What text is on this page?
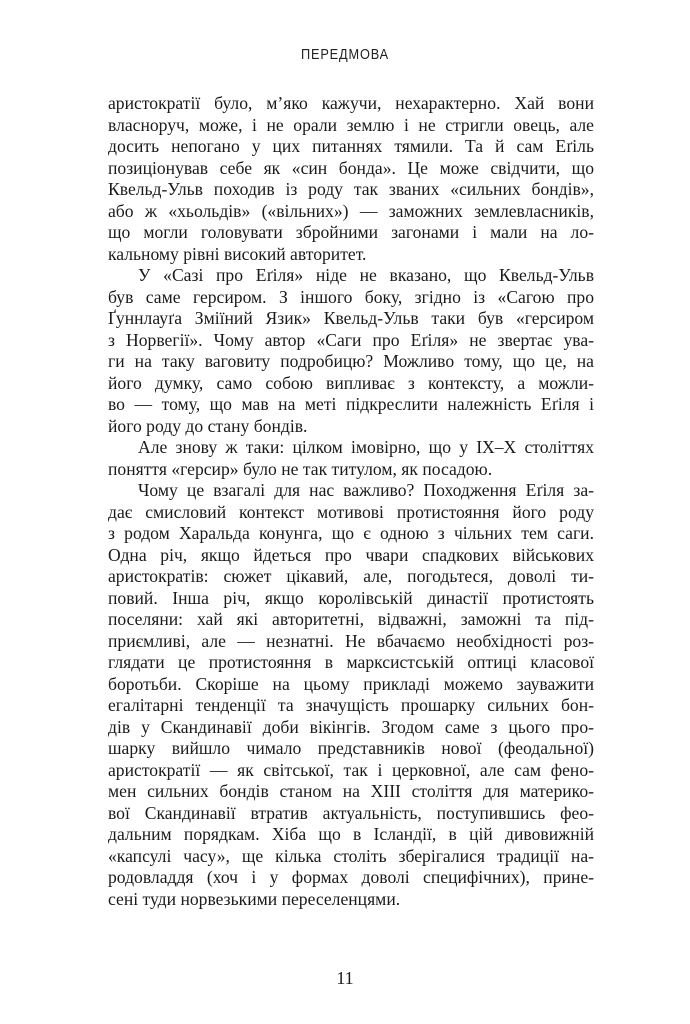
ПЕРЕДМОВА
аристократії було, м’яко кажучи, нехарактерно. Хай вони
власноруч, може, і не орали землю і не стригли овець, але
досить непогано у цих питаннях тямили. Та й сам Еґіль
позиціонував себе як «син бонда». Це може свідчити, що
Квельд-Ульв походив із роду так званих «сильних бондів»,
або ж «хьольдів» («вільних») — заможних землевласників,
що могли головувати збройними загонами і мали на ло-
кальному рівні високий авторитет.
У «Сазі про Еґіля» ніде не вказано, що Квельд-Ульв
був саме герсиром. З іншого боку, згідно із «Сагою про
Ґуннлауґа Зміїний Язик» Квельд-Ульв таки був «герсиром
з Норвегії». Чому автор «Саги про Еґіля» не звертає ува-
ги на таку ваговиту подробицю? Можливо тому, що це, на
його думку, само собою випливає з контексту, а можли-
во — тому, що мав на меті підкреслити належність Еґіля і
його роду до стану бондів.
Але знову ж таки: цілком імовірно, що у IX–X століттях
поняття «герсир» було не так титулом, як посадою.
Чому це взагалі для нас важливо? Походження Еґіля за-
дає смисловий контекст мотивові протистояння його роду
з родом Харальда конунга, що є одною з чільних тем саги.
Одна річ, якщо йдеться про чвари спадкових військових
аристократів: сюжет цікавий, але, погодьтеся, доволі ти-
повий. Інша річ, якщо королівській династії протистоять
поселяни: хай які авторитетні, відважні, заможні та під-
приємливі, але — незнатні. Не вбачаємо необхідності роз-
глядати це протистояння в марксистській оптиці класової
боротьби. Скоріше на цьому прикладі можемо зауважити
егалітарні тенденції та значущість прошарку сильних бон-
дів у Скандинавії доби вікінгів. Згодом саме з цього про-
шарку вийшло чимало представників нової (феодальної)
аристократії — як світської, так і церковної, але сам фено-
мен сильних бондів станом на XIII століття для материко-
вої Скандинавії втратив актуальність, поступившись фео-
дальним порядкам. Хіба що в Ісландії, в цій дивовижній
«капсулі часу», ще кілька століть зберігалися традиції на-
родовладдя (хоч і у формах доволі специфічних), прине-
сені туди норвезькими переселенцями.
11
